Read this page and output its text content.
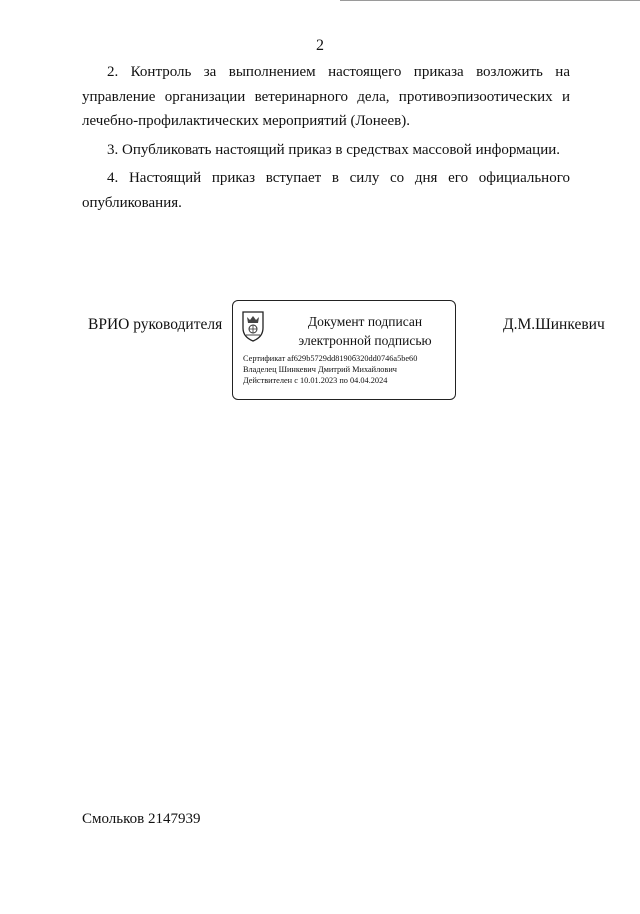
2

2. Контроль за выполнением настоящего приказа возложить на управление организации ветеринарного дела, противоэпизоотических и лечебно-профилактических мероприятий (Лонеев).

3. Опубликовать настоящий приказ в средствах массовой информации.

4. Настоящий приказ вступает в силу со дня его официального опубликования.

ВРИО руководителя	Документ подписан
электронной подписью
Сертификат af629b5729dd8190б320dd0746a5be60
Владелец Шинкевич Дмитрий Михайлович
Действителен с 10.01.2023 по 04.04.2024
Д.М.Шинкевич
Смольков 2147939
